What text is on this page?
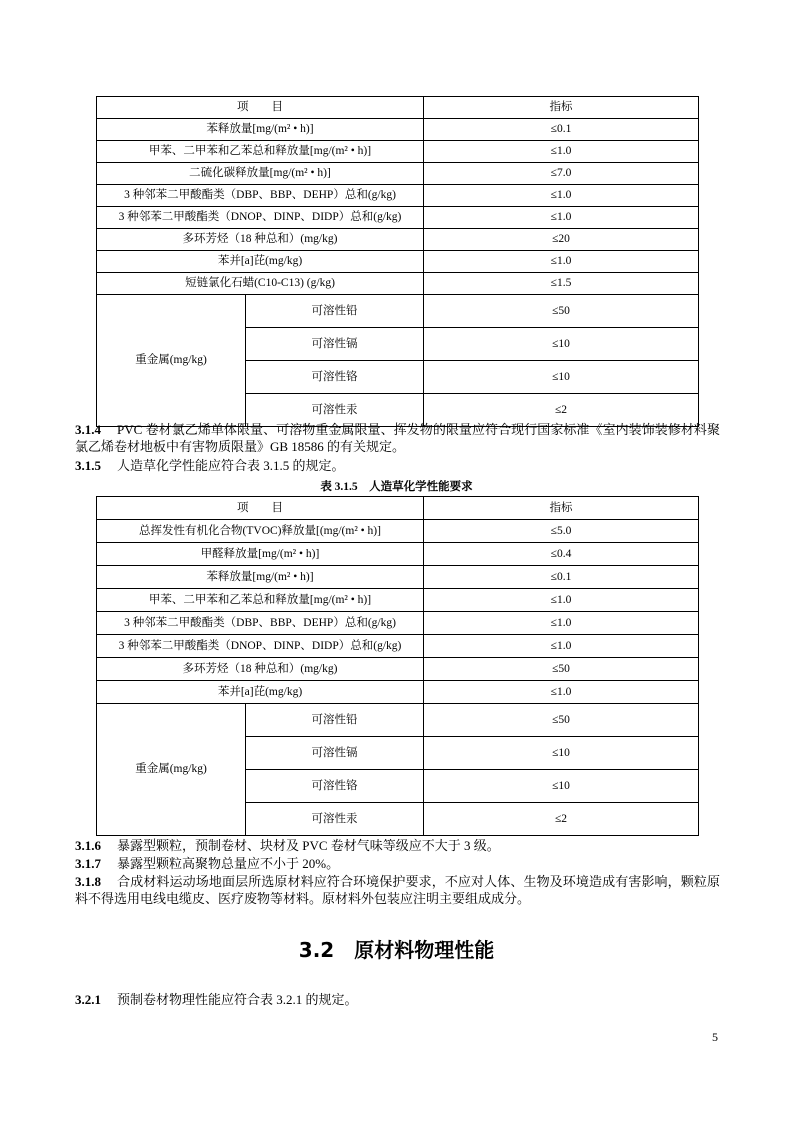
项　　目		指标
苯释放量[mg/(m² • h)]		≤0.1
甲苯、二甲苯和乙苯总和释放量[mg/(m² • h)]		≤1.0
二硫化碳释放量[mg/(m² • h)]		≤7.0
3 种邻苯二甲酸酯类（DBP、BBP、DEHP）总和(g/kg)		≤1.0
3 种邻苯二甲酸酯类（DNOP、DINP、DIDP）总和(g/kg)		≤1.0
多环芳烃（18 种总和）(mg/kg)		≤20
苯并[a]芘(mg/kg)		≤1.0
短链氯化石蜡(C10-C13) (g/kg)		≤1.5
重金属(mg/kg)	可溶性铅	≤50
	可溶性镉	≤10
	可溶性铬	≤10
	可溶性汞	≤2
3.1.4 PVC 卷材氯乙烯单体限量、可溶物重金属限量、挥发物的限量应符合现行国家标准《室内装饰装修材料聚氯乙烯卷材地板中有害物质限量》GB 18586 的有关规定。
3.1.5 人造草化学性能应符合表 3.1.5 的规定。
表 3.1.5　人造草化学性能要求
项　　目		指标
总挥发性有机化合物(TVOC)释放量[(mg/(m² • h)]		≤5.0
甲醛释放量[mg/(m² • h)]		≤0.4
苯释放量[mg/(m² • h)]		≤0.1
甲苯、二甲苯和乙苯总和释放量[mg/(m² • h)]		≤1.0
3 种邻苯二甲酸酯类（DBP、BBP、DEHP）总和(g/kg)		≤1.0
3 种邻苯二甲酸酯类（DNOP、DINP、DIDP）总和(g/kg)		≤1.0
多环芳烃（18 种总和）(mg/kg)		≤50
苯并[a]芘(mg/kg)		≤1.0
重金属(mg/kg)	可溶性铅	≤50
	可溶性镉	≤10
	可溶性铬	≤10
	可溶性汞	≤2
3.1.6 暴露型颗粒，预制卷材、块材及 PVC 卷材气味等级应不大于 3 级。
3.1.7 暴露型颗粒高聚物总量应不小于 20%。
3.1.8 合成材料运动场地面层所选原材料应符合环境保护要求，不应对人体、生物及环境造成有害影响，颗粒原料不得选用电线电缆皮、医疗废物等材料。原材料外包装应注明主要组成成分。
3.2　原材料物理性能
3.2.1 预制卷材物理性能应符合表 3.2.1 的规定。
5
